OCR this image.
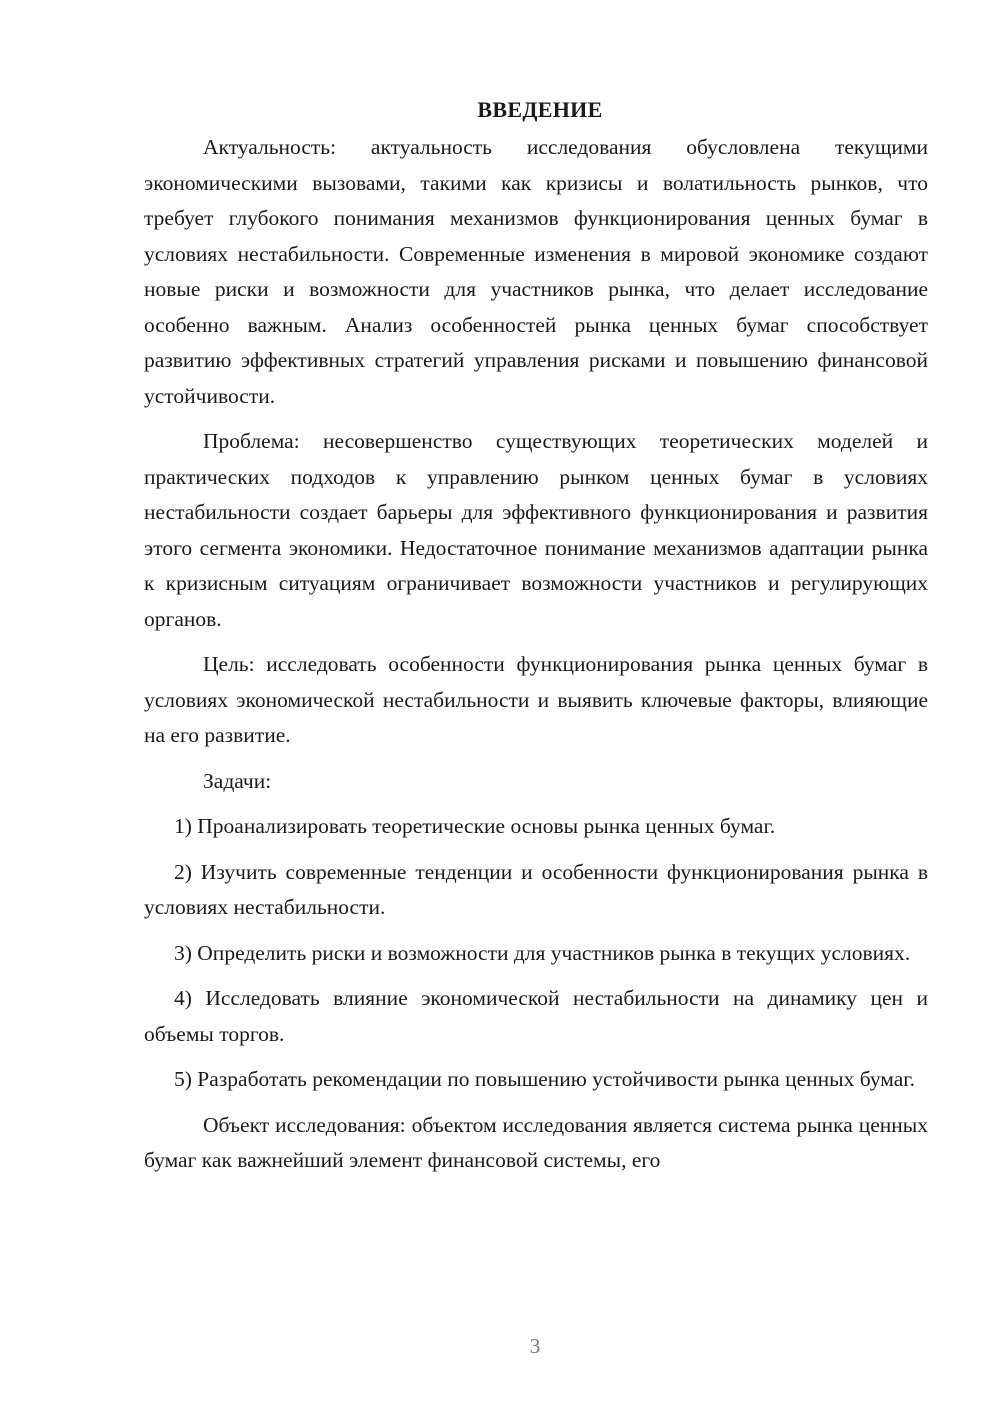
ВВЕДЕНИЕ

Актуальность: актуальность исследования обусловлена текущими экономическими вызовами, такими как кризисы и волатильность рынков, что требует глубокого понимания механизмов функционирования ценных бумаг в условиях нестабильности. Современные изменения в мировой экономике создают новые риски и возможности для участников рынка, что делает исследование особенно важным. Анализ особенностей рынка ценных бумаг способствует развитию эффективных стратегий управления рисками и повышению финансовой устойчивости.

Проблема: несовершенство существующих теоретических моделей и практических подходов к управлению рынком ценных бумаг в условиях нестабильности создает барьеры для эффективного функционирования и развития этого сегмента экономики. Недостаточное понимание механизмов адаптации рынка к кризисным ситуациям ограничивает возможности участников и регулирующих органов.

Цель: исследовать особенности функционирования рынка ценных бумаг в условиях экономической нестабильности и выявить ключевые факторы, влияющие на его развитие.

Задачи:

1) Проанализировать теоретические основы рынка ценных бумаг.

2) Изучить современные тенденции и особенности функционирования рынка в условиях нестабильности.

3) Определить риски и возможности для участников рынка в текущих условиях.

4) Исследовать влияние экономической нестабильности на динамику цен и объемы торгов.

5) Разработать рекомендации по повышению устойчивости рынка ценных бумаг.

Объект исследования: объектом исследования является система рынка ценных бумаг как важнейший элемент финансовой системы, его

3
